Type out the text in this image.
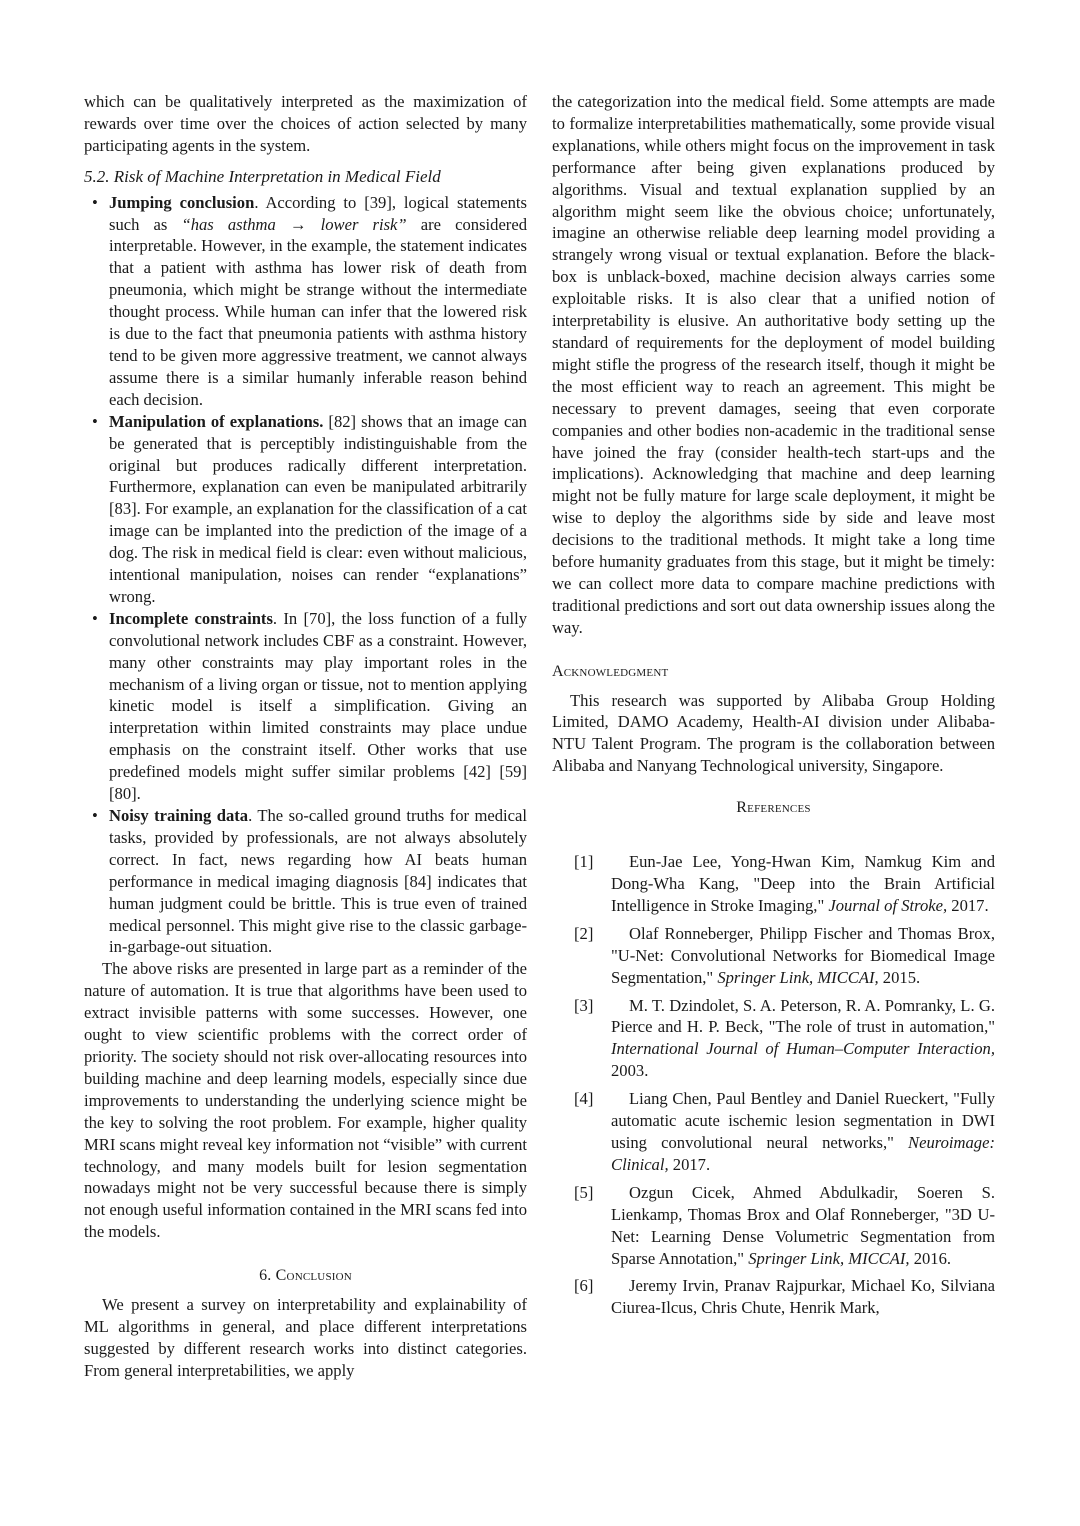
which can be qualitatively interpreted as the maximization of rewards over time over the choices of action selected by many participating agents in the system.

5.2. Risk of Machine Interpretation in Medical Field
• Jumping conclusion. According to [39], logical statements such as “has asthma → lower risk” are considered interpretable. However, in the example, the statement indicates that a patient with asthma has lower risk of death from pneumonia, which might be strange without the intermediate thought process. While human can infer that the lowered risk is due to the fact that pneumonia patients with asthma history tend to be given more aggressive treatment, we cannot always assume there is a similar humanly inferable reason behind each decision.
• Manipulation of explanations. [82] shows that an image can be generated that is perceptibly indistinguishable from the original but produces radically different interpretation. Furthermore, explanation can even be manipulated arbitrarily [83]. For example, an explanation for the classification of a cat image can be implanted into the prediction of the image of a dog. The risk in medical field is clear: even without malicious, intentional manipulation, noises can render “explanations” wrong.
• Incomplete constraints. In [70], the loss function of a fully convolutional network includes CBF as a constraint. However, many other constraints may play important roles in the mechanism of a living organ or tissue, not to mention applying kinetic model is itself a simplification. Giving an interpretation within limited constraints may place undue emphasis on the constraint itself. Other works that use predefined models might suffer similar problems [42] [59] [80].
• Noisy training data. The so-called ground truths for medical tasks, provided by professionals, are not always absolutely correct. In fact, news regarding how AI beats human performance in medical imaging diagnosis [84] indicates that human judgment could be brittle. This is true even of trained medical personnel. This might give rise to the classic garbage-in-garbage-out situation.

The above risks are presented in large part as a reminder of the nature of automation. It is true that algorithms have been used to extract invisible patterns with some successes. However, one ought to view scientific problems with the correct order of priority. The society should not risk over-allocating resources into building machine and deep learning models, especially since due improvements to understanding the underlying science might be the key to solving the root problem. For example, higher quality MRI scans might reveal key information not “visible” with current technology, and many models built for lesion segmentation nowadays might not be very successful because there is simply not enough useful information contained in the MRI scans fed into the models.

6. Conclusion

We present a survey on interpretability and explainability of ML algorithms in general, and place different interpretations suggested by different research works into distinct categories. From general interpretabilities, we apply

the categorization into the medical field. Some attempts are made to formalize interpretabilities mathematically, some provide visual explanations, while others might focus on the improvement in task performance after being given explanations produced by algorithms. Visual and textual explanation supplied by an algorithm might seem like the obvious choice; unfortunately, imagine an otherwise reliable deep learning model providing a strangely wrong visual or textual explanation. Before the black-box is unblack-boxed, machine decision always carries some exploitable risks. It is also clear that a unified notion of interpretability is elusive. An authoritative body setting up the standard of requirements for the deployment of model building might stifle the progress of the research itself, though it might be the most efficient way to reach an agreement. This might be necessary to prevent damages, seeing that even corporate companies and other bodies non-academic in the traditional sense have joined the fray (consider health-tech start-ups and the implications). Acknowledging that machine and deep learning might not be fully mature for large scale deployment, it might be wise to deploy the algorithms side by side and leave most decisions to the traditional methods. It might take a long time before humanity graduates from this stage, but it might be timely: we can collect more data to compare machine predictions with traditional predictions and sort out data ownership issues along the way.

Acknowledgment

This research was supported by Alibaba Group Holding Limited, DAMO Academy, Health-AI division under Alibaba-NTU Talent Program. The program is the collaboration between Alibaba and Nanyang Technological university, Singapore.

References
[1]	Eun-Jae Lee, Yong-Hwan Kim, Namkug Kim and Dong-Wha Kang, "Deep into the Brain Artificial Intelligence in Stroke Imaging," Journal of Stroke, 2017.
[2]	Olaf Ronneberger, Philipp Fischer and Thomas Brox, "U-Net: Convolutional Networks for Biomedical Image Segmentation," Springer Link, MICCAI, 2015.
[3]	M. T. Dzindolet, S. A. Peterson, R. A. Pomranky, L. G. Pierce and H. P. Beck, "The role of trust in automation," International Journal of Human–Computer Interaction, 2003.
[4]	Liang Chen, Paul Bentley and Daniel Rueckert, "Fully automatic acute ischemic lesion segmentation in DWI using convolutional neural networks," Neuroimage: Clinical, 2017.
[5]	Ozgun Cicek, Ahmed Abdulkadir, Soeren S. Lienkamp, Thomas Brox and Olaf Ronneberger, "3D U-Net: Learning Dense Volumetric Segmentation from Sparse Annotation," Springer Link, MICCAI, 2016.
[6]	Jeremy Irvin, Pranav Rajpurkar, Michael Ko, Silviana Ciurea-Ilcus, Chris Chute, Henrik Mark,
